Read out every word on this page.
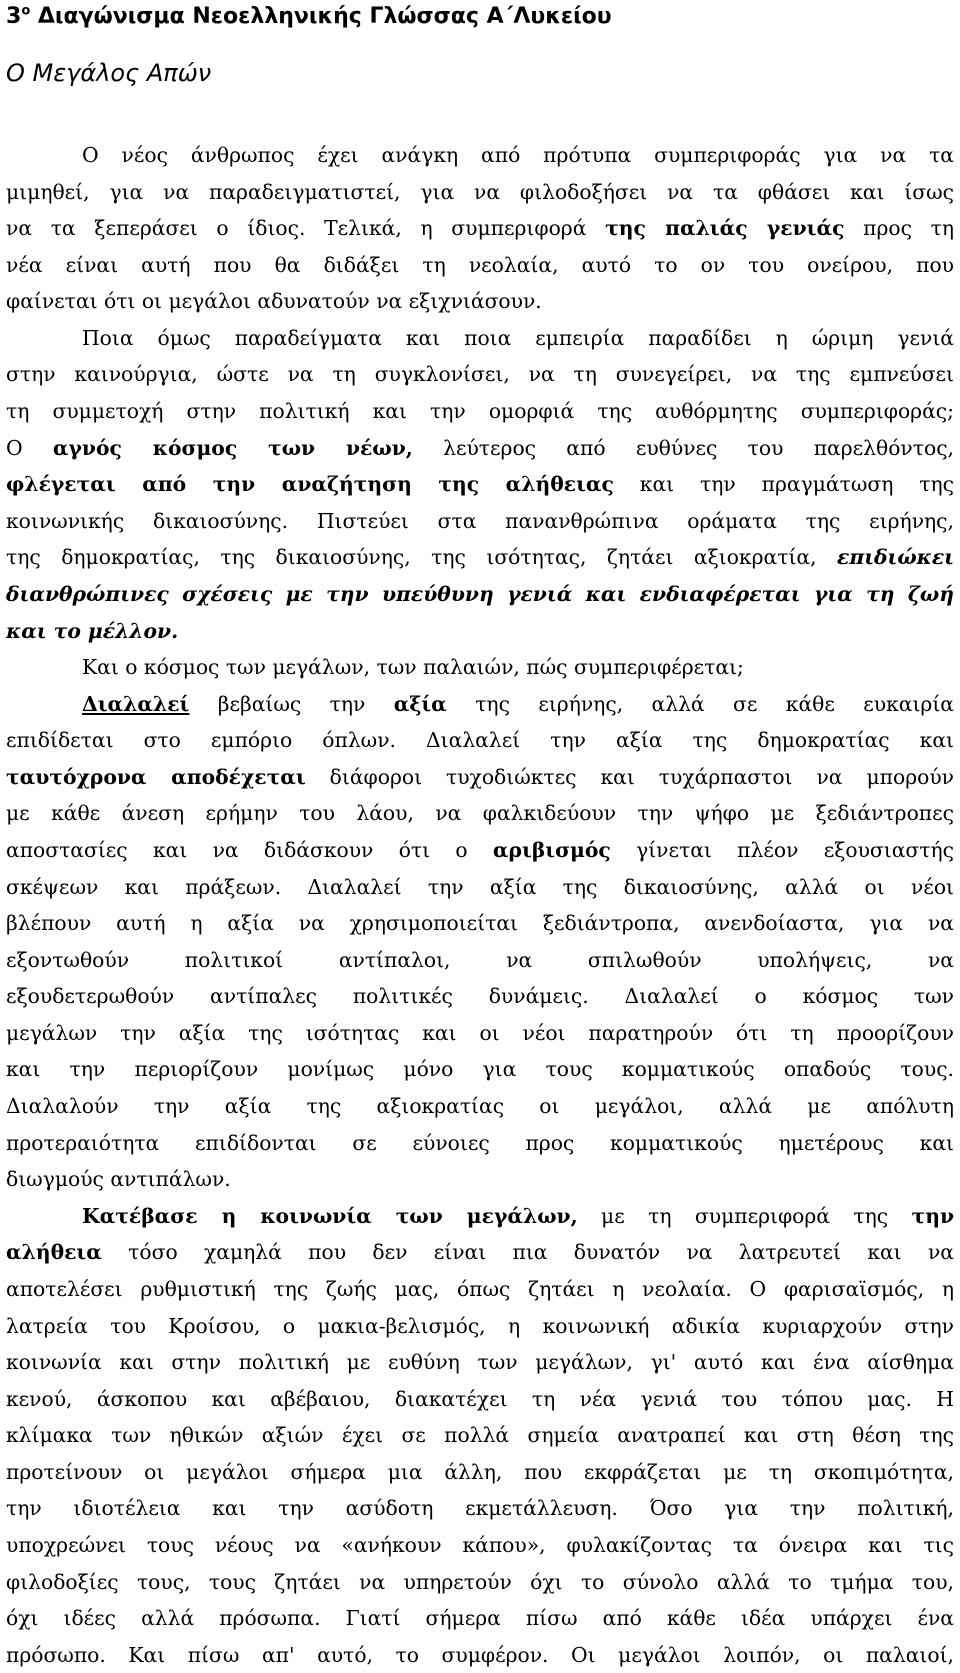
$3^o$ Διαγώνισμα Νεοελληνικής Γλώσσας Α΄Λυκείου
Ο Μεγάλος Απών
Ο νέος άνθρωπος έχει ανάγκη από πρότυπα συμπεριφοράς για να τα
μιμηθεί, για να παραδειγματιστεί, για να φιλοδοξήσει να τα φθάσει και ίσως
να τα ξεπεράσει ο ίδιος. Τελικά, η συμπεριφορά της παλιάς γενιάς προς τη
νέα είναι αυτή που θα διδάξει τη νεολαία, αυτό το ον του ονείρου, που
φαίνεται ότι οι μεγάλοι αδυνατούν να εξιχνιάσουν.
Ποια όμως παραδείγματα και ποια εμπειρία παραδίδει η ώριμη γενιά
στην καινούργια, ώστε να τη συγκλονίσει, να τη συνεγείρει, να της εμπνεύσει
τη συμμετοχή στην πολιτική και την ομορφιά της αυθόρμητης συμπεριφοράς;
Ο αγνός κόσμος των νέων, λεύτερος από ευθύνες του παρελθόντος,
φλέγεται από την αναζήτηση της αλήθειας και την πραγμάτωση της
κοινωνικής δικαιοσύνης. Πιστεύει στα πανανθρώπινα οράματα της ειρήνης,
της δημοκρατίας, της δικαιοσύνης, της ισότητας, ζητάει αξιοκρατία, επιδιώκει
διανθρώπινες σχέσεις με την υπεύθυνη γενιά και ενδιαφέρεται για τη ζωή
και το μέλλον.
Και ο κόσμος των μεγάλων, των παλαιών, πώς συμπεριφέρεται;
Διαλαλεί βεβαίως την αξία της ειρήνης, αλλά σε κάθε ευκαιρία
επιδίδεται στο εμπόριο όπλων. Διαλαλεί την αξία της δημοκρατίας και
ταυτόχρονα αποδέχεται διάφοροι τυχοδιώκτες και τυχάρπαστοι να μπορούν
με κάθε άνεση ερήμην του λάου, να φαλκιδεύουν την ψήφο με ξεδιάντροπες
αποστασίες και να διδάσκουν ότι ο αριβισμός γίνεται πλέον εξουσιαστής
σκέψεων και πράξεων. Διαλαλεί την αξία της δικαιοσύνης, αλλά οι νέοι
βλέπουν αυτή η αξία να χρησιμοποιείται ξεδιάντροπα, ανενδοίαστα, για να
εξοντωθούν πολιτικοί αντίπαλοι, να σπιλωθούν υπολήψεις, να
εξουδετερωθούν αντίπαλες πολιτικές δυνάμεις. Διαλαλεί ο κόσμος των
μεγάλων την αξία της ισότητας και οι νέοι παρατηρούν ότι τη προορίζουν
και την περιορίζουν μονίμως μόνο για τους κομματικούς οπαδούς τους.
Διαλαλούν την αξία της αξιοκρατίας οι μεγάλοι, αλλά με απόλυτη
προτεραιότητα επιδίδονται σε εύνοιες προς κομματικούς ημετέρους και
διωγμούς αντιπάλων.
Κατέβασε η κοινωνία των μεγάλων, με τη συμπεριφορά της την
αλήθεια τόσο χαμηλά που δεν είναι πια δυνατόν να λατρευτεί και να
αποτελέσει ρυθμιστική της ζωής μας, όπως ζητάει η νεολαία. Ο φαρισαϊσμός, η
λατρεία του Κροίσου, ο μακια-βελισμός, η κοινωνική αδικία κυριαρχούν στην
κοινωνία και στην πολιτική με ευθύνη των μεγάλων, γι' αυτό και ένα αίσθημα
κενού, άσκοπου και αβέβαιου, διακατέχει τη νέα γενιά του τόπου μας. Η
κλίμακα των ηθικών αξιών έχει σε πολλά σημεία ανατραπεί και στη θέση της
προτείνουν οι μεγάλοι σήμερα μια άλλη, που εκφράζεται με τη σκοπιμότητα,
την ιδιοτέλεια και την ασύδοτη εκμετάλλευση. Όσο για την πολιτική,
υποχρεώνει τους νέους να «ανήκουν κάπου», φυλακίζοντας τα όνειρα και τις
φιλοδοξίες τους, τους ζητάει να υπηρετούν όχι το σύνολο αλλά το τμήμα του,
όχι ιδέες αλλά πρόσωπα. Γιατί σήμερα πίσω από κάθε ιδέα υπάρχει ένα
πρόσωπο. Και πίσω απ' αυτό, το συμφέρον. Οι μεγάλοι λοιπόν, οι παλαιοί,
